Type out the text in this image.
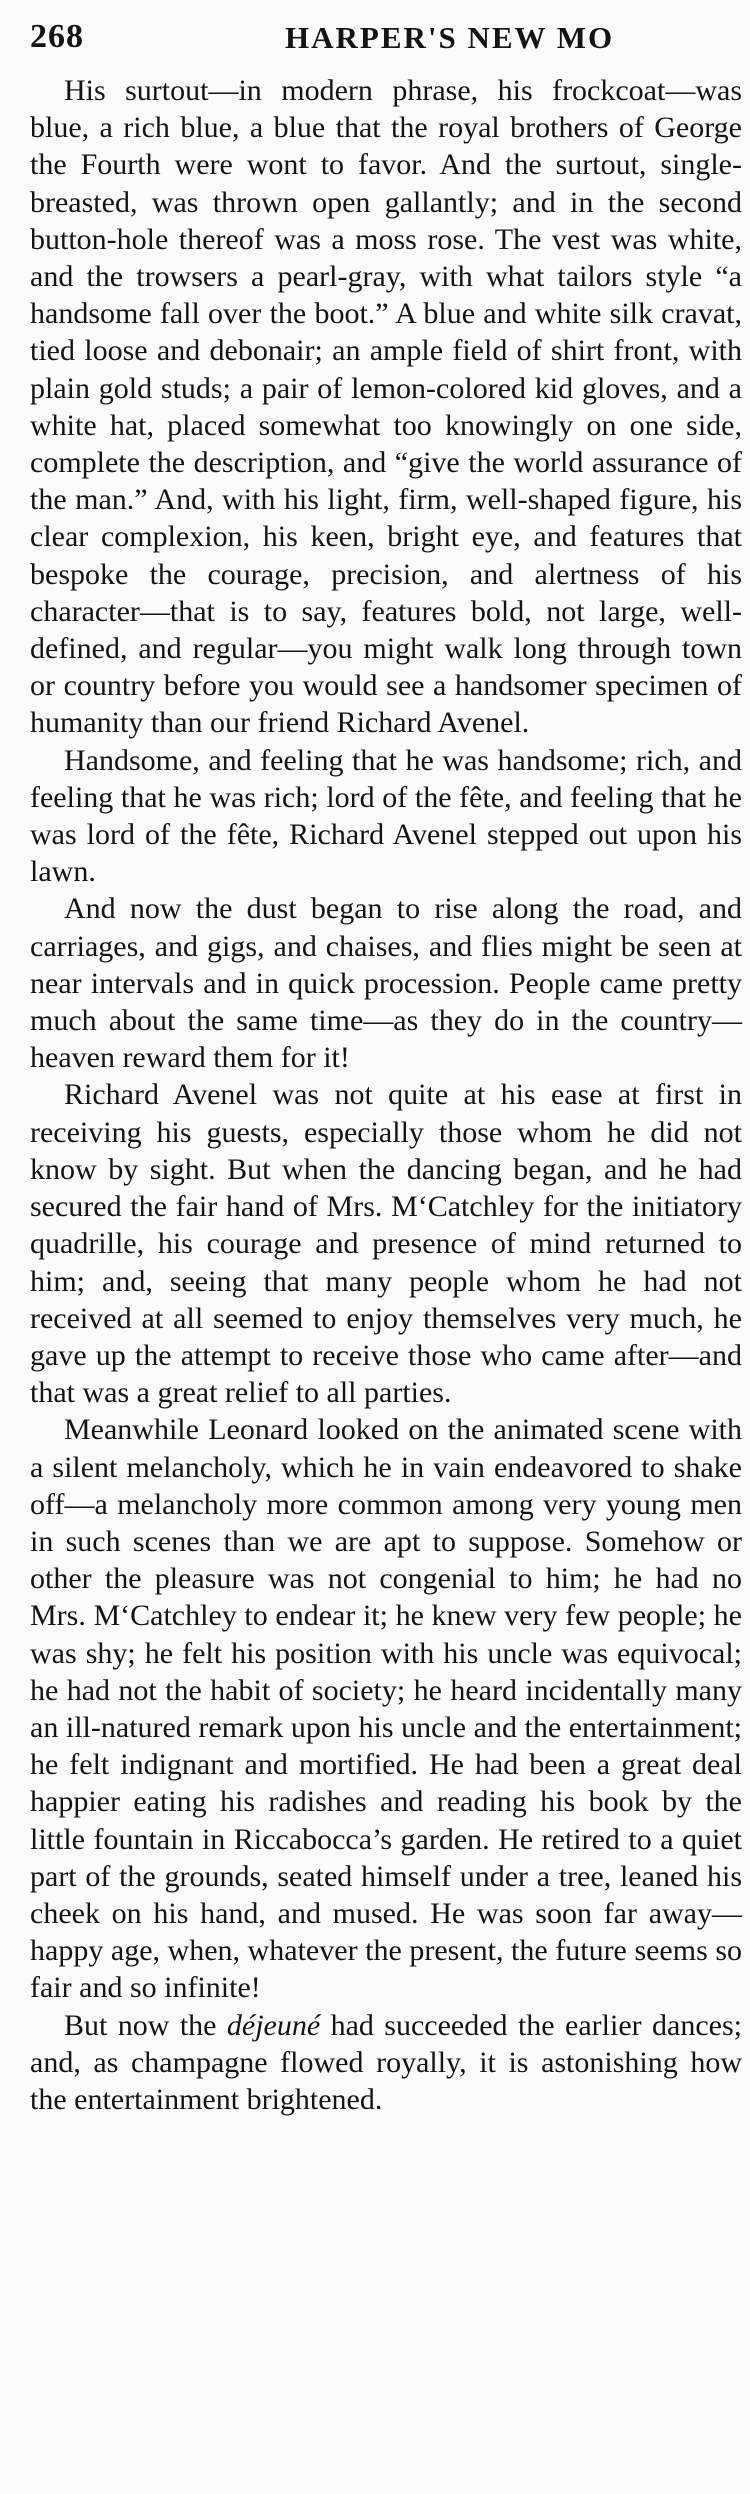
268	HARPER'S NEW MO

His surtout—in modern phrase, his frockcoat—was blue, a rich blue, a blue that the royal brothers of George the Fourth were wont to favor. And the surtout, single-breasted, was thrown open gallantly; and in the second button-hole thereof was a moss rose. The vest was white, and the trowsers a pearl-gray, with what tailors style “a handsome fall over the boot.” A blue and white silk cravat, tied loose and debonair; an ample field of shirt front, with plain gold studs; a pair of lemon-colored kid gloves, and a white hat, placed somewhat too knowingly on one side, complete the description, and “give the world assurance of the man.” And, with his light, firm, well-shaped figure, his clear complexion, his keen, bright eye, and features that bespoke the courage, precision, and alertness of his character—that is to say, features bold, not large, well-defined, and regular—you might walk long through town or country before you would see a handsomer specimen of humanity than our friend Richard Avenel.

Handsome, and feeling that he was handsome; rich, and feeling that he was rich; lord of the fête, and feeling that he was lord of the fête, Richard Avenel stepped out upon his lawn.

And now the dust began to rise along the road, and carriages, and gigs, and chaises, and flies might be seen at near intervals and in quick procession. People came pretty much about the same time—as they do in the country—heaven reward them for it!

Richard Avenel was not quite at his ease at first in receiving his guests, especially those whom he did not know by sight. But when the dancing began, and he had secured the fair hand of Mrs. M‘Catchley for the initiatory quadrille, his courage and presence of mind returned to him; and, seeing that many people whom he had not received at all seemed to enjoy themselves very much, he gave up the attempt to receive those who came after—and that was a great relief to all parties.

Meanwhile Leonard looked on the animated scene with a silent melancholy, which he in vain endeavored to shake off—a melancholy more common among very young men in such scenes than we are apt to suppose. Somehow or other the pleasure was not congenial to him; he had no Mrs. M‘Catchley to endear it; he knew very few people; he was shy; he felt his position with his uncle was equivocal; he had not the habit of society; he heard incidentally many an ill-natured remark upon his uncle and the entertainment; he felt indignant and mortified. He had been a great deal happier eating his radishes and reading his book by the little fountain in Riccabocca’s garden. He retired to a quiet part of the grounds, seated himself under a tree, leaned his cheek on his hand, and mused. He was soon far away—happy age, when, whatever the present, the future seems so fair and so infinite!

But now the déjeuné had succeeded the earlier dances; and, as champagne flowed royally, it is astonishing how the entertainment brightened.
